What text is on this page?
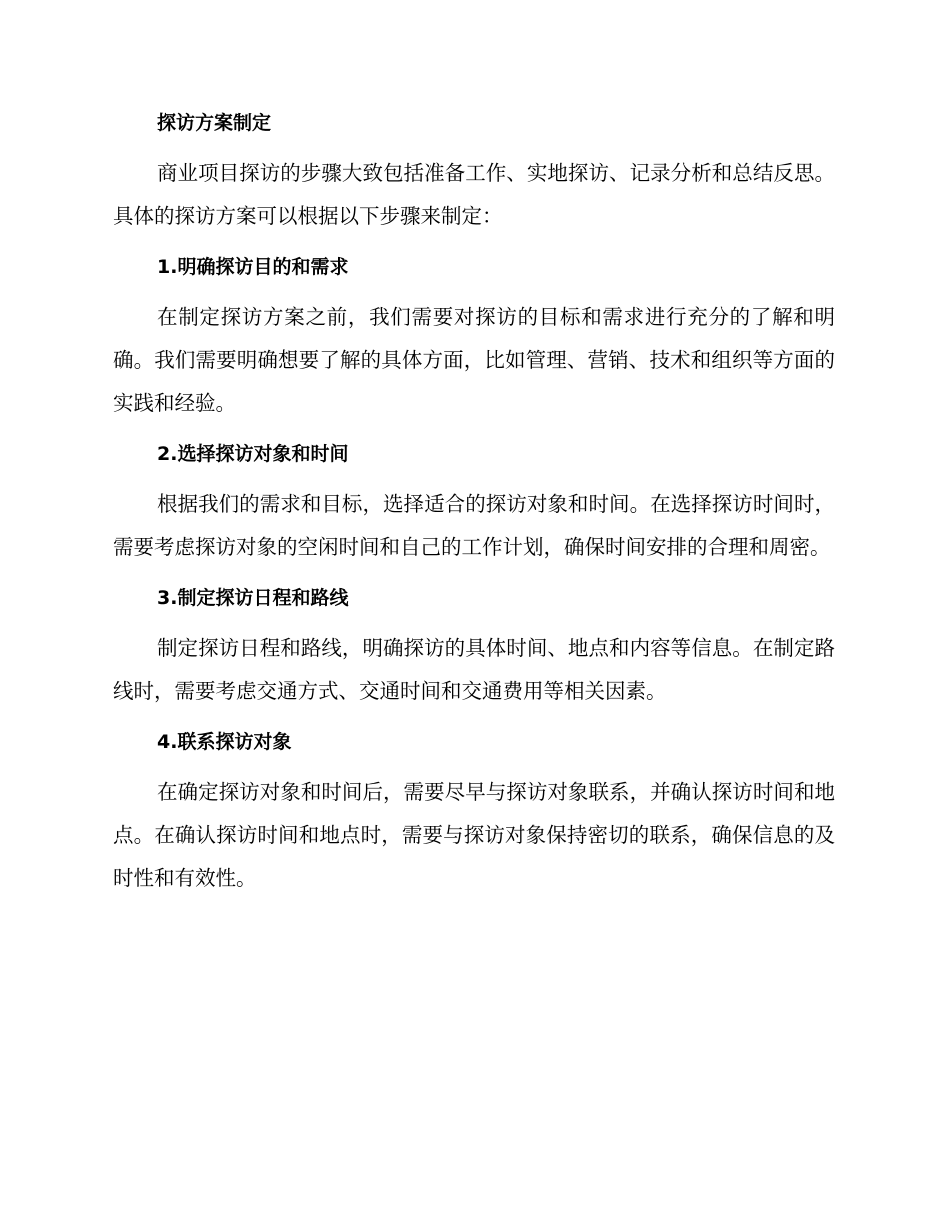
探访方案制定

商业项目探访的步骤大致包括准备工作、实地探访、记录分析和总结反思。具体的探访方案可以根据以下步骤来制定：

1.明确探访目的和需求

在制定探访方案之前，我们需要对探访的目标和需求进行充分的了解和明确。我们需要明确想要了解的具体方面，比如管理、营销、技术和组织等方面的实践和经验。

2.选择探访对象和时间

根据我们的需求和目标，选择适合的探访对象和时间。在选择探访时间时，需要考虑探访对象的空闲时间和自己的工作计划，确保时间安排的合理和周密。

3.制定探访日程和路线

制定探访日程和路线，明确探访的具体时间、地点和内容等信息。在制定路线时，需要考虑交通方式、交通时间和交通费用等相关因素。

4.联系探访对象

在确定探访对象和时间后，需要尽早与探访对象联系，并确认探访时间和地点。在确认探访时间和地点时，需要与探访对象保持密切的联系，确保信息的及时性和有效性。
